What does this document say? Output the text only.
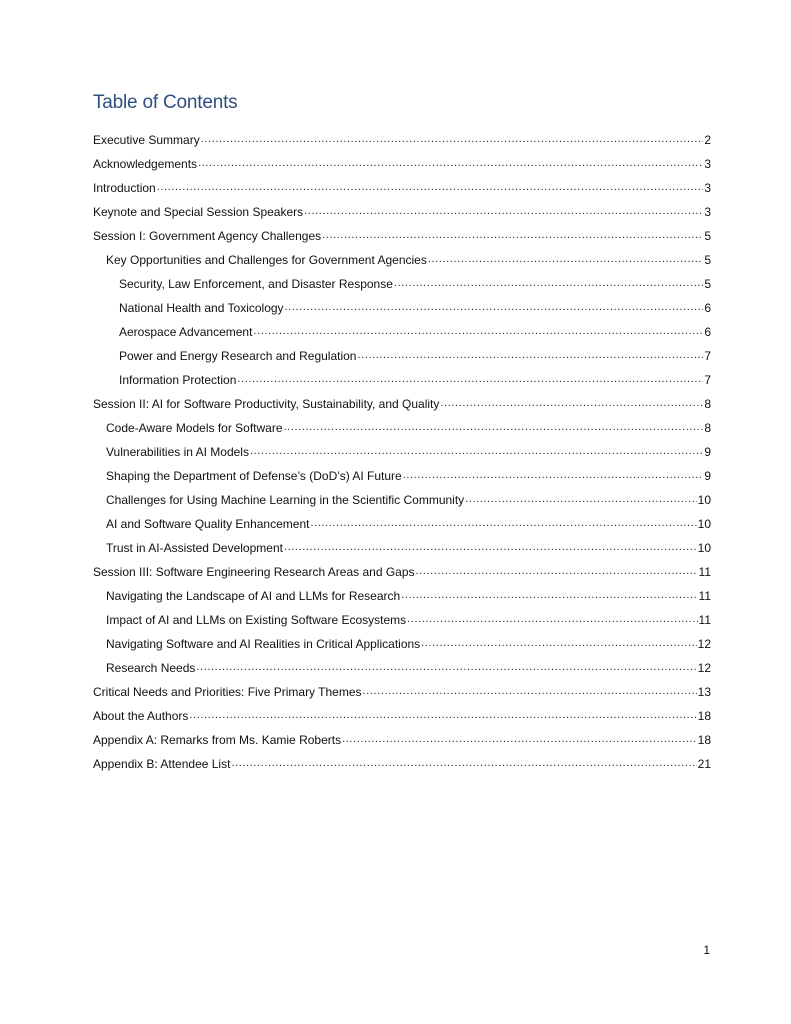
Table of Contents
Executive Summary .....	2
Acknowledgements .....	3
Introduction .....	3
Keynote and Special Session Speakers .....	3
Session I: Government Agency Challenges .....	5
Key Opportunities and Challenges for Government Agencies .....	5
Security, Law Enforcement, and Disaster Response .....	5
National Health and Toxicology .....	6
Aerospace Advancement .....	6
Power and Energy Research and Regulation .....	7
Information Protection .....	7
Session II: AI for Software Productivity, Sustainability, and Quality .....	8
Code-Aware Models for Software .....	8
Vulnerabilities in AI Models .....	9
Shaping the Department of Defense’s (DoD’s) AI Future .....	9
Challenges for Using Machine Learning in the Scientific Community .....	10
AI and Software Quality Enhancement .....	10
Trust in AI-Assisted Development .....	10
Session III: Software Engineering Research Areas and Gaps .....	11
Navigating the Landscape of AI and LLMs for Research .....	11
Impact of AI and LLMs on Existing Software Ecosystems .....	11
Navigating Software and AI Realities in Critical Applications .....	12
Research Needs .....	12
Critical Needs and Priorities: Five Primary Themes .....	13
About the Authors .....	18
Appendix A: Remarks from Ms. Kamie Roberts .....	18
Appendix B: Attendee List .....	21
1
